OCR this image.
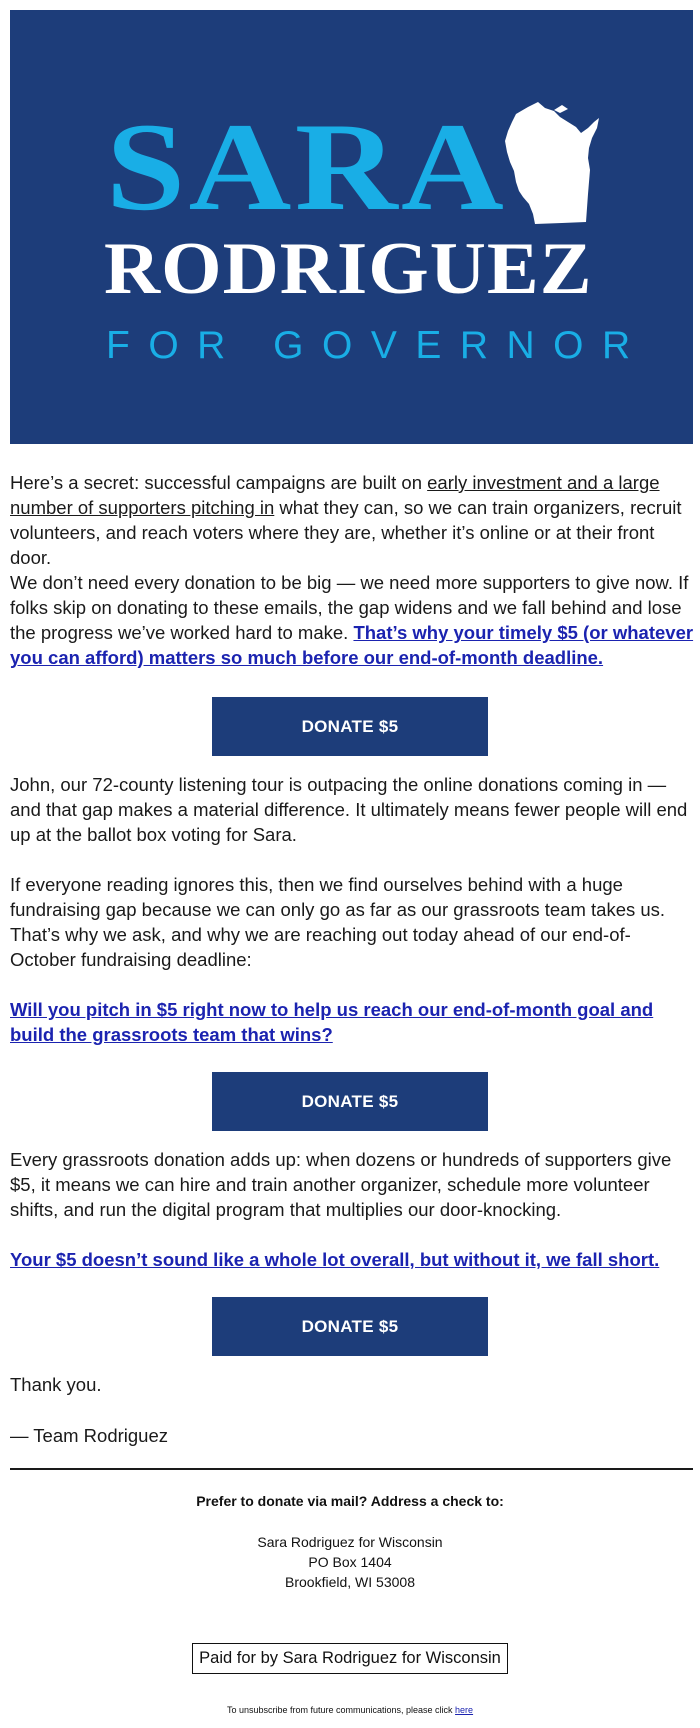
SARA
RODRIGUEZ
FOR GOVERNOR

Here’s a secret: successful campaigns are built on early investment and a large number of supporters pitching in what they can, so we can train organizers, recruit volunteers, and reach voters where they are, whether it’s online or at their front door.

We don’t need every donation to be big — we need more supporters to give now. If folks skip on donating to these emails, the gap widens and we fall behind and lose the progress we’ve worked hard to make. That’s why your timely $5 (or whatever you can afford) matters so much before our end-of-month deadline.

DONATE $5

John, our 72-county listening tour is outpacing the online donations coming in — and that gap makes a material difference. It ultimately means fewer people will end up at the ballot box voting for Sara.

If everyone reading ignores this, then we find ourselves behind with a huge fundraising gap because we can only go as far as our grassroots team takes us. That’s why we ask, and why we are reaching out today ahead of our end-of-October fundraising deadline:

Will you pitch in $5 right now to help us reach our end-of-month goal and build the grassroots team that wins?

DONATE $5

Every grassroots donation adds up: when dozens or hundreds of supporters give $5, it means we can hire and train another organizer, schedule more volunteer shifts, and run the digital program that multiplies our door-knocking.

Your $5 doesn’t sound like a whole lot overall, but without it, we fall short.

DONATE $5

Thank you.

— Team Rodriguez

Prefer to donate via mail? Address a check to:
Sara Rodriguez for Wisconsin
PO Box 1404
Brookfield, WI 53008
Paid for by Sara Rodriguez for Wisconsin
To unsubscribe from future communications, please click here
